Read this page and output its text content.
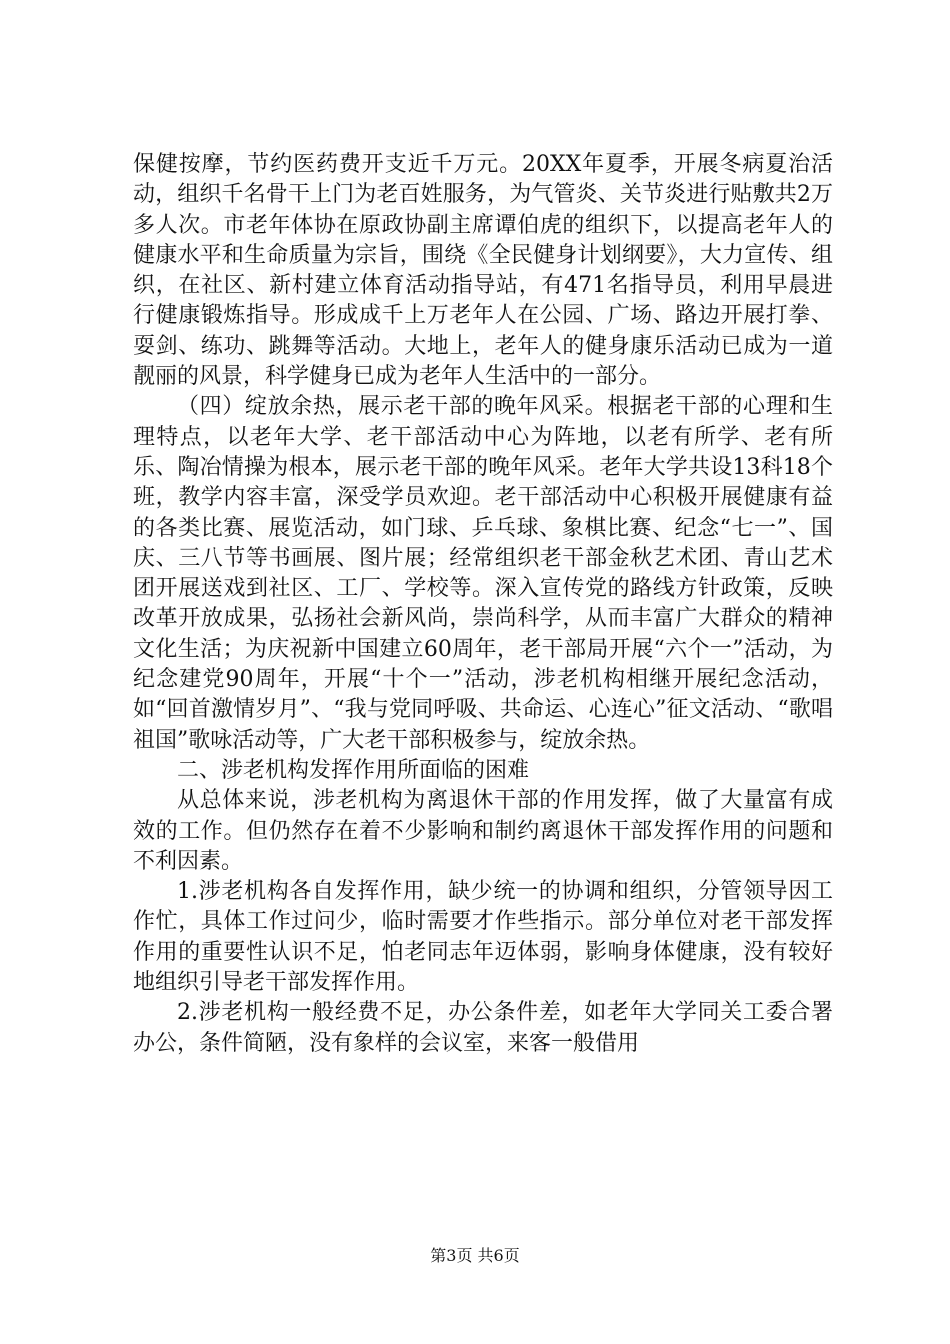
保健按摩，节约医药费开支近千万元。20XX年夏季，开展冬病夏治活动，组织千名骨干上门为老百姓服务，为气管炎、关节炎进行贴敷共2万多人次。市老年体协在原政协副主席谭伯虎的组织下，以提高老年人的健康水平和生命质量为宗旨，围绕《全民健身计划纲要》，大力宣传、组织，在社区、新村建立体育活动指导站，有471名指导员，利用早晨进行健康锻炼指导。形成成千上万老年人在公园、广场、路边开展打拳、耍剑、练功、跳舞等活动。大地上，老年人的健身康乐活动已成为一道靓丽的风景，科学健身已成为老年人生活中的一部分。

（四）绽放余热，展示老干部的晚年风采。根据老干部的心理和生理特点，以老年大学、老干部活动中心为阵地，以老有所学、老有所乐、陶冶情操为根本，展示老干部的晚年风采。老年大学共设13科18个班，教学内容丰富，深受学员欢迎。老干部活动中心积极开展健康有益的各类比赛、展览活动，如门球、乒乓球、象棋比赛、纪念“七一”、国庆、三八节等书画展、图片展；经常组织老干部金秋艺术团、青山艺术团开展送戏到社区、工厂、学校等。深入宣传党的路线方针政策，反映改革开放成果，弘扬社会新风尚，崇尚科学，从而丰富广大群众的精神文化生活；为庆祝新中国建立60周年，老干部局开展“六个一”活动，为纪念建党90周年，开展“十个一”活动，涉老机构相继开展纪念活动，如“回首激情岁月”、“我与党同呼吸、共命运、心连心”征文活动、“歌唱祖国”歌咏活动等，广大老干部积极参与，绽放余热。

二、涉老机构发挥作用所面临的困难

从总体来说，涉老机构为离退休干部的作用发挥，做了大量富有成效的工作。但仍然存在着不少影响和制约离退休干部发挥作用的问题和不利因素。

1.涉老机构各自发挥作用，缺少统一的协调和组织，分管领导因工作忙，具体工作过问少，临时需要才作些指示。部分单位对老干部发挥作用的重要性认识不足，怕老同志年迈体弱，影响身体健康，没有较好地组织引导老干部发挥作用。

2.涉老机构一般经费不足，办公条件差，如老年大学同关工委合署办公，条件简陋，没有象样的会议室，来客一般借用

第3页 共6页
